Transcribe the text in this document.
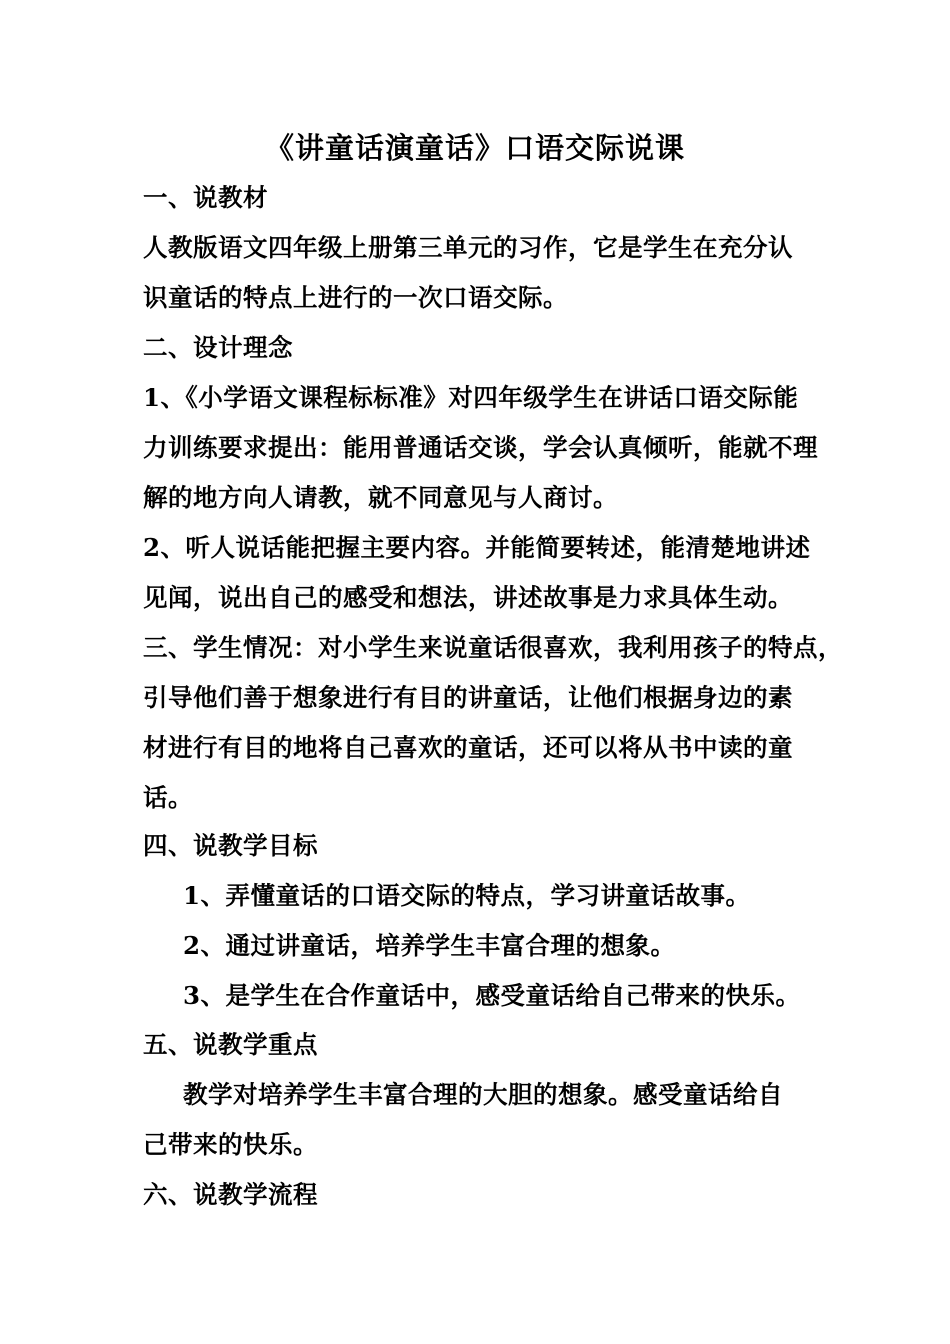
《讲童话演童话》口语交际说课
一、说教材
人教版语文四年级上册第三单元的习作，它是学生在充分认
识童话的特点上进行的一次口语交际。
二、设计理念
1、《小学语文课程标标准》对四年级学生在讲话口语交际能
力训练要求提出：能用普通话交谈，学会认真倾听，能就不理
解的地方向人请教，就不同意见与人商讨。
2、听人说话能把握主要内容。并能简要转述，能清楚地讲述
见闻，说出自己的感受和想法，讲述故事是力求具体生动。
三、学生情况：对小学生来说童话很喜欢，我利用孩子的特点，
引导他们善于想象进行有目的讲童话，让他们根据身边的素
材进行有目的地将自己喜欢的童话，还可以将从书中读的童
话。
四、说教学目标
1、弄懂童话的口语交际的特点，学习讲童话故事。
2、通过讲童话，培养学生丰富合理的想象。
3、是学生在合作童话中，感受童话给自己带来的快乐。
五、说教学重点
教学对培养学生丰富合理的大胆的想象。感受童话给自
己带来的快乐。
六、说教学流程
